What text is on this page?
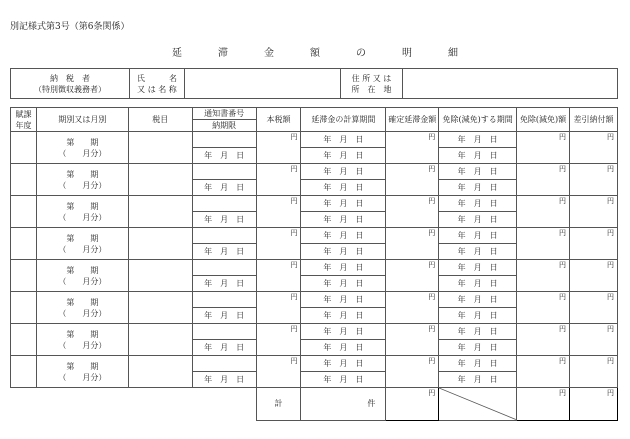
別記様式第3号（第6条関係）
延	滞	金	額	の	明	細
納　税　者
（特別徴収義務者）

氏　　　名
又 は 名 称

住 所 又 は
所　在　地

賦課
年度	期別又は月別	税目	通知書番号	本税額	延滞金の計算期間	確定延滞金額	免除(減免)する期間	免除(減免)額	差引納付額
			納期限						

	第　　期
（　　月分）			円	年　月　日	円	年　月　日	円	円
			年　月　日		年　月　日		年　月　日		

	第　　期
（　　月分）			円	年　月　日	円	年　月　日	円	円
			年　月　日		年　月　日		年　月　日		

	第　　期
（　　月分）			円	年　月　日	円	年　月　日	円	円
			年　月　日		年　月　日		年　月　日		

	第　　期
（　　月分）			円	年　月　日	円	年　月　日	円	円
			年　月　日		年　月　日		年　月　日		

	第　　期
（　　月分）			円	年　月　日	円	年　月　日	円	円
			年　月　日		年　月　日		年　月　日		

	第　　期
（　　月分）			円	年　月　日	円	年　月　日	円	円
			年　月　日		年　月　日		年　月　日		

	第　　期
（　　月分）			円	年　月　日	円	年　月　日	円	円
			年　月　日		年　月　日		年　月　日		

	第　　期
（　　月分）			円	年　月　日	円	年　月　日	円	円
			年　月　日		年　月　日		年　月　日		
				計	件	円		円	円
